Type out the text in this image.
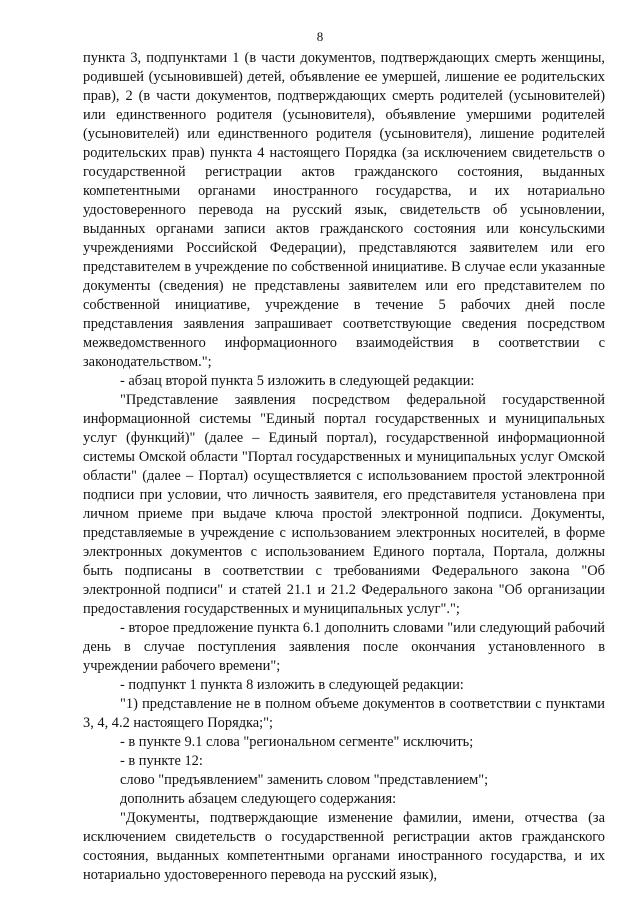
8

пункта 3, подпунктами 1 (в части документов, подтверждающих смерть женщины, родившей (усыновившей) детей, объявление ее умершей, лишение ее родительских прав), 2 (в части документов, подтверждающих смерть родителей (усыновителей) или единственного родителя (усыновителя), объявление умершими родителей (усыновителей) или единственного родителя (усыновителя), лишение родителей родительских прав) пункта 4 настоящего Порядка (за исключением свидетельств о государственной регистрации актов гражданского состояния, выданных компетентными органами иностранного государства, и их нотариально удостоверенного перевода на русский язык, свидетельств об усыновлении, выданных органами записи актов гражданского состояния или консульскими учреждениями Российской Федерации), представляются заявителем или его представителем в учреждение по собственной инициативе. В случае если указанные документы (сведения) не представлены заявителем или его представителем по собственной инициативе, учреждение в течение 5 рабочих дней после представления заявления запрашивает соответствующие сведения посредством межведомственного информационного взаимодействия в соответствии с законодательством.";

- абзац второй пункта 5 изложить в следующей редакции:

"Представление заявления посредством федеральной государственной информационной системы "Единый портал государственных и муниципальных услуг (функций)" (далее – Единый портал), государственной информационной системы Омской области "Портал государственных и муниципальных услуг Омской области" (далее – Портал) осуществляется с использованием простой электронной подписи при условии, что личность заявителя, его представителя установлена при личном приеме при выдаче ключа простой электронной подписи. Документы, представляемые в учреждение с использованием электронных носителей, в форме электронных документов с использованием Единого портала, Портала, должны быть подписаны в соответствии с требованиями Федерального закона "Об электронной подписи" и статей 21.1 и 21.2 Федерального закона "Об организации предоставления государственных и муниципальных услуг".";

- второе предложение пункта 6.1 дополнить словами "или следующий рабочий день в случае поступления заявления после окончания установленного в учреждении рабочего времени";

- подпункт 1 пункта 8 изложить в следующей редакции:

"1) представление не в полном объеме документов в соответствии с пунктами 3, 4, 4.2 настоящего Порядка;";

- в пункте 9.1 слова "региональном сегменте" исключить;

- в пункте 12:

слово "предъявлением" заменить словом "представлением";

дополнить абзацем следующего содержания:

"Документы, подтверждающие изменение фамилии, имени, отчества (за исключением свидетельств о государственной регистрации актов гражданского состояния, выданных компетентными органами иностранного государства, и их нотариально удостоверенного перевода на русский язык),
